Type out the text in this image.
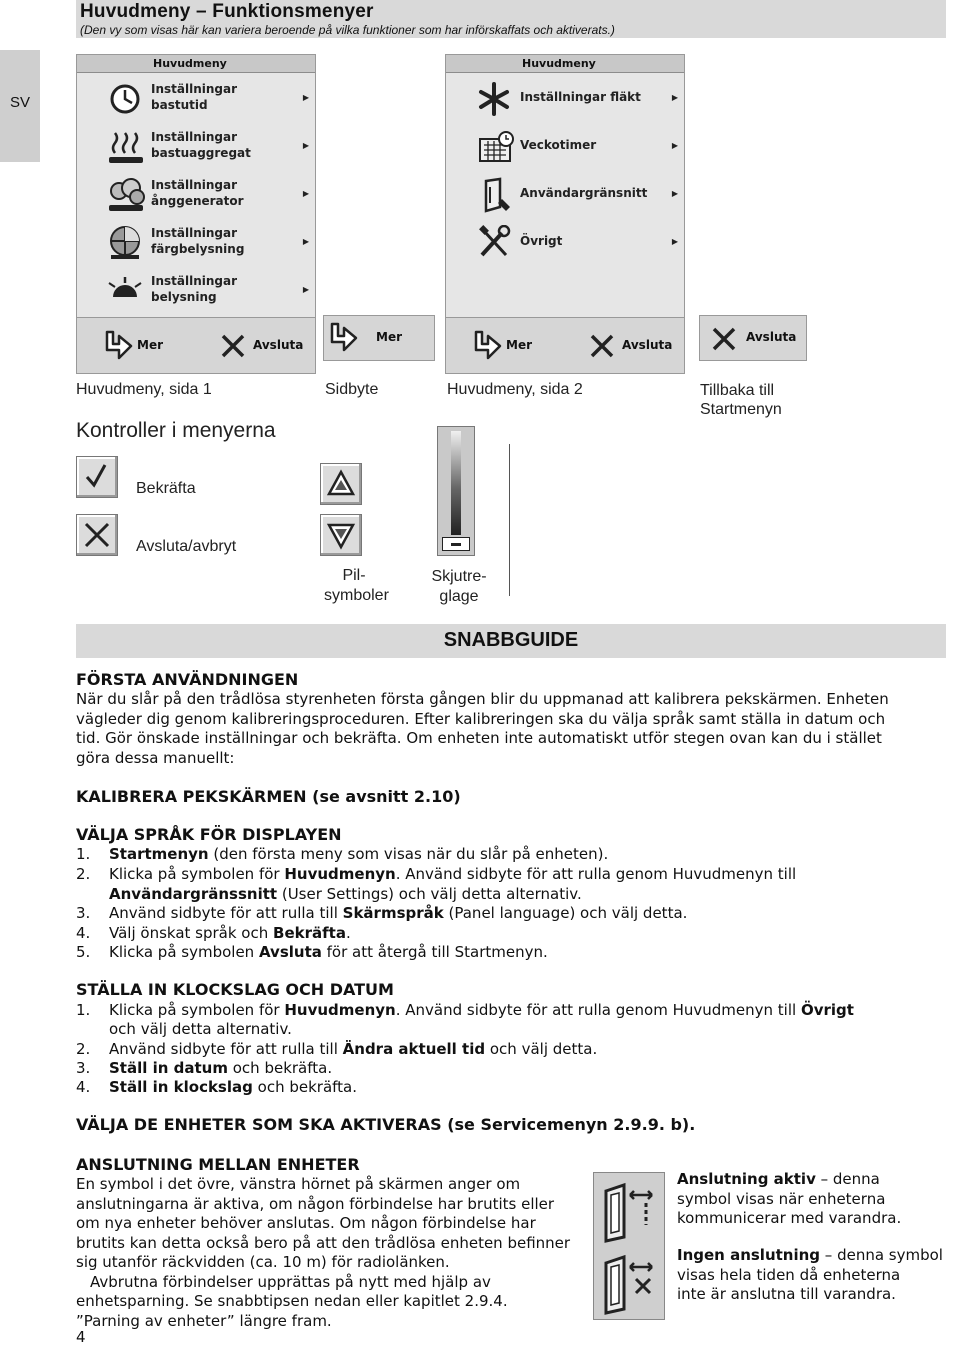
Huvudmeny – Funktionsmenyer
(Den vy som visas här kan variera beroende på vilka funktioner som har införskaffats och aktiverats.)
SV
Huvudmeny
Inställningar
bastutid
▶
Inställningar
bastuaggregat
▶
Inställningar
ånggenerator
▶
Inställningar
färgbelysning
▶
Inställningar
belysning
▶
Mer	Avsluta
Mer
Huvudmeny
Inställningar fläkt	▶
Veckotimer	▶
Användargränsnitt	▶
Övrigt	▶
Mer	Avsluta
Avsluta
Huvudmeny, sida 1	Sidbyte	Huvudmeny, sida 2	Tillbaka till
Startmenyn
Kontroller i menyerna
Bekräfta
Avsluta/avbryt
Pil-
symboler
Skjutre-
glage
SNABBGUIDE
FÖRSTA ANVÄNDNINGEN
När du slår på den trådlösa styrenheten första gången blir du uppmanad att kalibrera pekskärmen. Enheten
vägleder dig genom kalibreringsproceduren. Efter kalibreringen ska du välja språk samt ställa in datum och
tid. Gör önskade inställningar och bekräfta. Om enheten inte automatiskt utför stegen ovan kan du i stället
göra dessa manuellt:
KALIBRERA PEKSKÄRMEN (se avsnitt 2.10)
VÄLJA SPRÅK FÖR DISPLAYEN
1. Startmenyn (den första meny som visas när du slår på enheten).
2. Klicka på symbolen för Huvudmenyn. Använd sidbyte för att rulla genom Huvudmenyn till
Användargränssnitt (User Settings) och välj detta alternativ.
3. Använd sidbyte för att rulla till Skärmspråk (Panel language) och välj detta.
4. Välj önskat språk och Bekräfta.
5. Klicka på symbolen Avsluta för att återgå till Startmenyn.
STÄLLA IN KLOCKSLAG OCH DATUM
1. Klicka på symbolen för Huvudmenyn. Använd sidbyte för att rulla genom Huvudmenyn till Övrigt
och välj detta alternativ.
2. Använd sidbyte för att rulla till Ändra aktuell tid och välj detta.
3. Ställ in datum och bekräfta.
4. Ställ in klockslag och bekräfta.
VÄLJA DE ENHETER SOM SKA AKTIVERAS (se Servicemenyn 2.9.9. b).
ANSLUTNING MELLAN ENHETER
En symbol i det övre, vänstra hörnet på skärmen anger om
anslutningarna är aktiva, om någon förbindelse har brutits eller
om nya enheter behöver anslutas. Om någon förbindelse har
brutits kan detta också bero på att den trådlösa enheten befinner
sig utanför räckvidden (ca. 10 m) för radiolänken.
Avbrutna förbindelser upprättas på nytt med hjälp av
enhetsparning. Se snabbtipsen nedan eller kapitlet 2.9.4.
”Parning av enheter” längre fram.
Anslutning aktiv – denna
symbol visas när enheterna
kommunicerar med varandra.
Ingen anslutning – denna symbol
visas hela tiden då enheterna
inte är anslutna till varandra.
4
